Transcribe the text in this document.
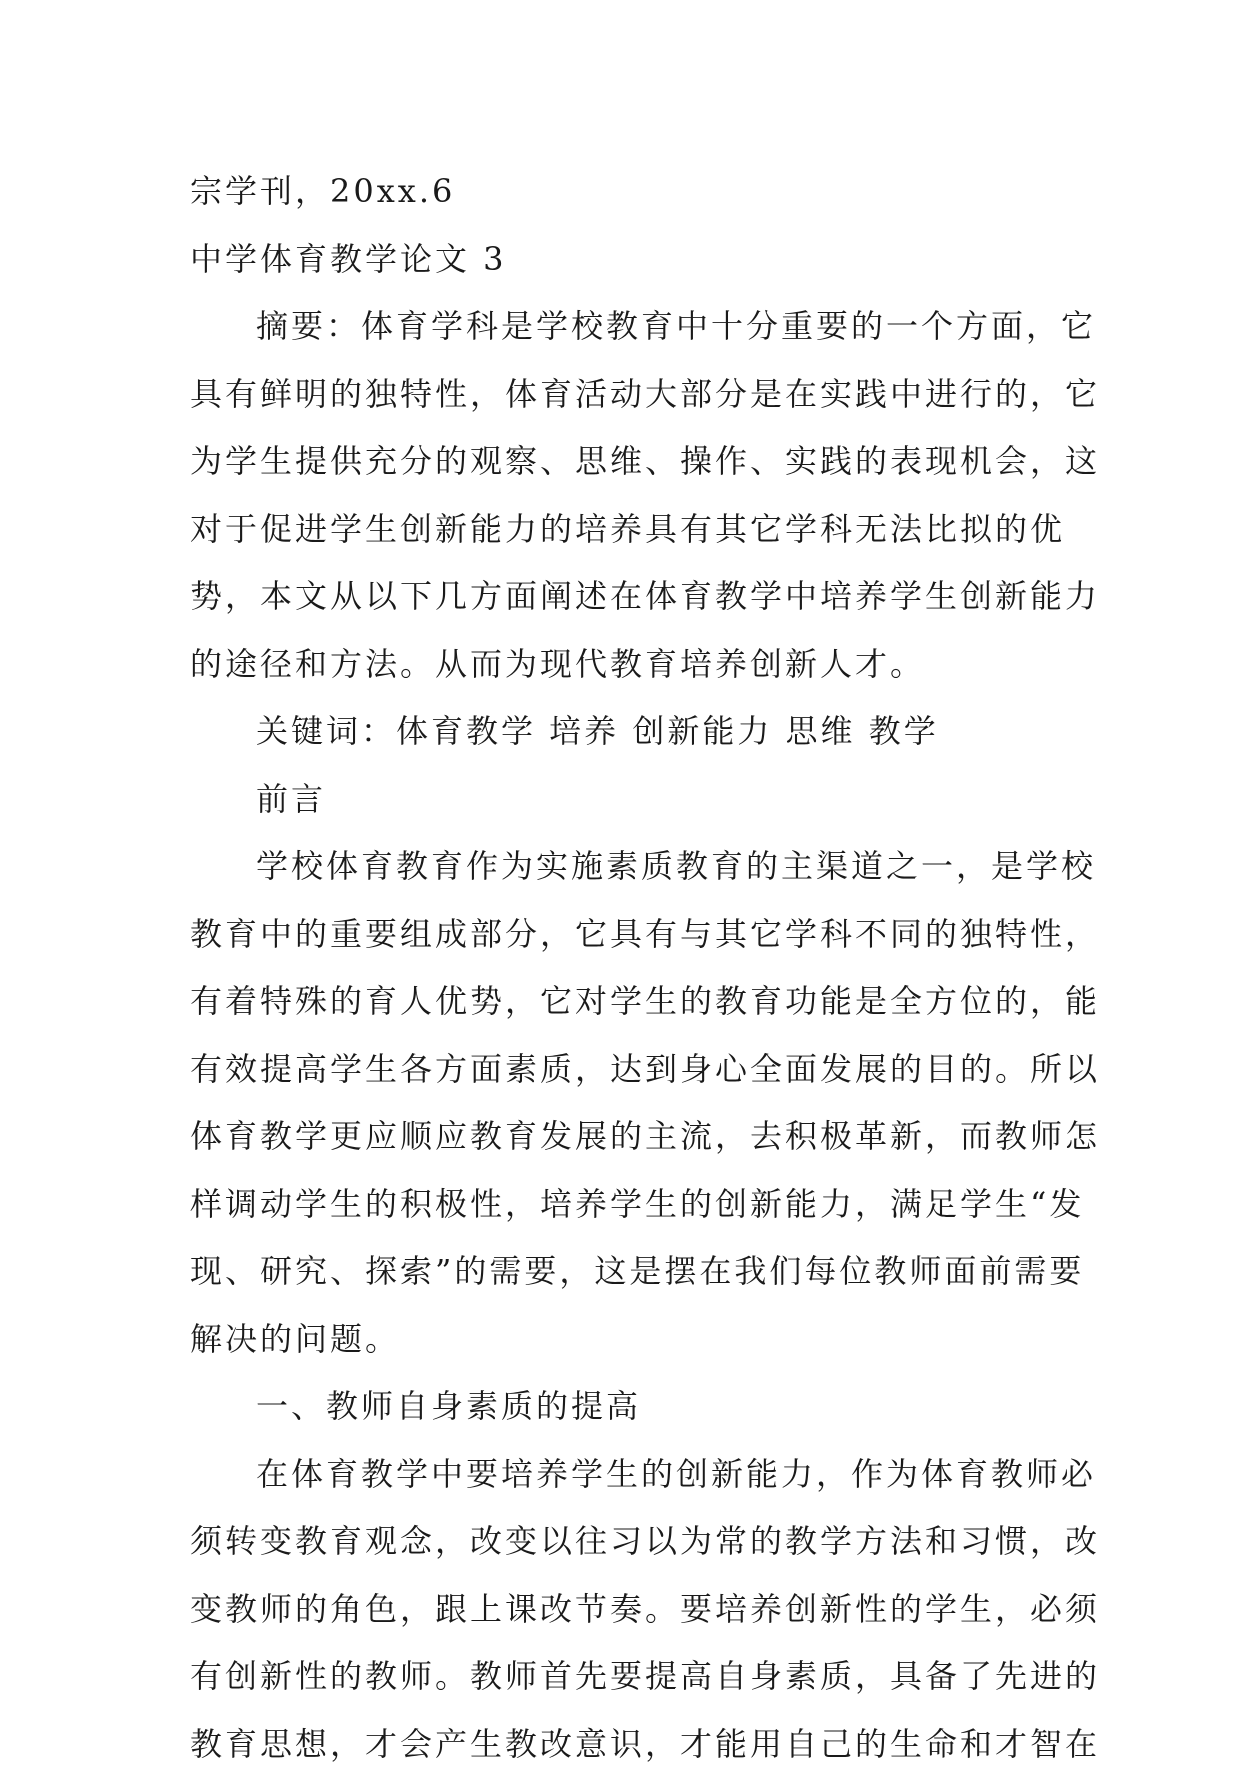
宗学刊，20xx.6

中学体育教学论文 3

摘要：体育学科是学校教育中十分重要的一个方面，它

具有鲜明的独特性，体育活动大部分是在实践中进行的，它

为学生提供充分的观察、思维、操作、实践的表现机会，这

对于促进学生创新能力的培养具有其它学科无法比拟的优

势，本文从以下几方面阐述在体育教学中培养学生创新能力

的途径和方法。从而为现代教育培养创新人才。

关键词：体育教学 培养 创新能力 思维 教学

前言

学校体育教育作为实施素质教育的主渠道之一，是学校

教育中的重要组成部分，它具有与其它学科不同的独特性，

有着特殊的育人优势，它对学生的教育功能是全方位的，能

有效提高学生各方面素质，达到身心全面发展的目的。所以

体育教学更应顺应教育发展的主流，去积极革新，而教师怎

样调动学生的积极性，培养学生的创新能力，满足学生“发

现、研究、探索”的需要，这是摆在我们每位教师面前需要

解决的问题。

一、教师自身素质的提高

在体育教学中要培养学生的创新能力，作为体育教师必

须转变教育观念，改变以往习以为常的教学方法和习惯，改

变教师的角色，跟上课改节奏。要培养创新性的学生，必须

有创新性的教师。教师首先要提高自身素质，具备了先进的

教育思想，才会产生教改意识，才能用自己的生命和才智在
